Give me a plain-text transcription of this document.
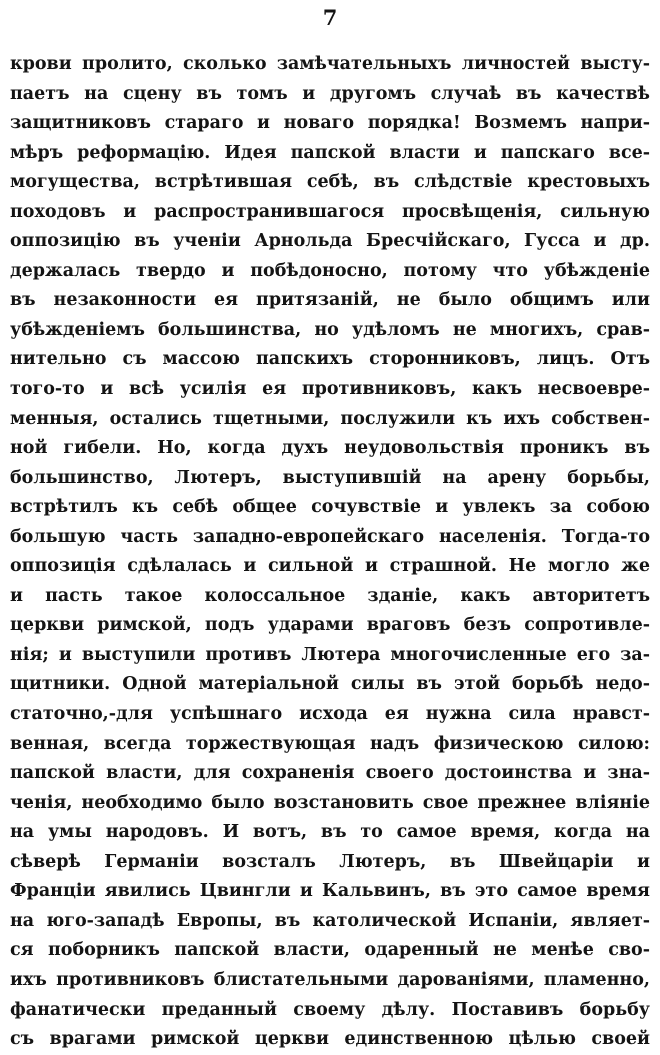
7
крови пролито, сколько замѣчательныхъ личностей высту-
паетъ на сцену въ томъ и другомъ случаѣ въ качествѣ
защитниковъ стараго и новаго порядка! Возмемъ напри-
мѣръ реформацію. Идея папской власти и папскаго все-
могущества, встрѣтившая себѣ, въ слѣдствіе крестовыхъ
походовъ и распространившагося просвѣщенія, сильную
оппозицію въ ученіи Арнольда Бресчійскаго, Гусса и др.
держалась твердо и побѣдоносно, потому что убѣжденіе
въ незаконности ея притязаній, не было общимъ или
убѣжденіемъ большинства, но удѣломъ не многихъ, срав-
нительно съ массою папскихъ сторонниковъ, лицъ. Отъ
того-то и всѣ усилія ея противниковъ, какъ несвоевре-
менныя, остались тщетными, послужили къ ихъ собствен-
ной гибели. Но, когда духъ неудовольствія проникъ въ
большинство, Лютеръ, выступившій на арену борьбы,
встрѣтилъ къ себѣ общее сочувствіе и увлекъ за собою
большую часть западно-европейскаго населенія. Тогда-то
оппозиція сдѣлалась и сильной и страшной. Не могло же
и пасть такое колоссальное зданіе, какъ авторитетъ
церкви римской, подъ ударами враговъ безъ сопротивле-
нія; и выступили противъ Лютера многочисленные его за-
щитники. Одной матеріальной силы въ этой борьбѣ недо-
статочно,-для успѣшнаго исхода ея нужна сила нравст-
венная, всегда торжествующая надъ физическою силою:
папской власти, для сохраненія своего достоинства и зна-
ченія, необходимо было возстановить свое прежнее вліяніе
на умы народовъ. И вотъ, въ то самое время, когда на
сѣверѣ Германіи возсталъ Лютеръ, въ Швейцаріи и
Франціи явились Цвингли и Кальвинъ, въ это самое время
на юго-западѣ Европы, въ католической Испаніи, являет-
ся поборникъ папской власти, одаренный не менѣе сво-
ихъ противниковъ блистательными дарованіями, пламенно,
фанатически преданный своему дѣлу. Поставивъ борьбу
съ врагами римской церкви единственною цѣлью своей
